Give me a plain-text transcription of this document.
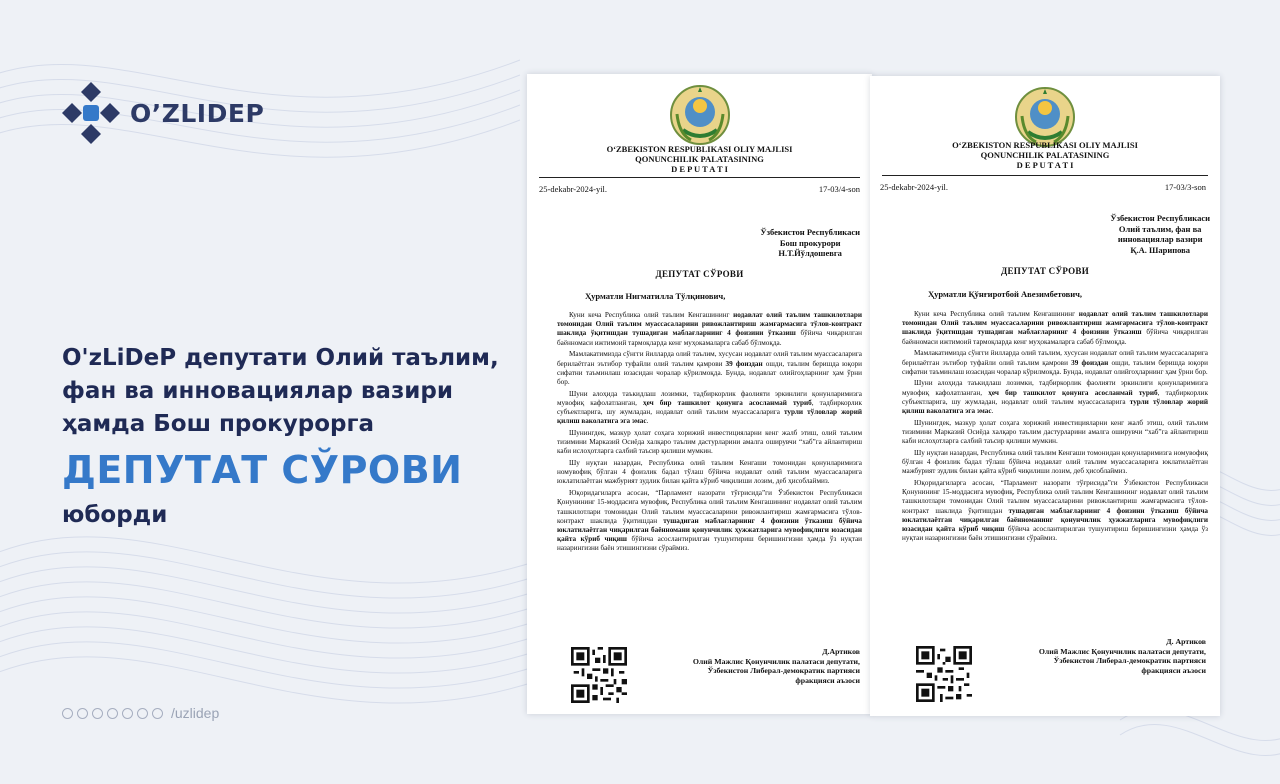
O’ZLIDEP
O'zLiDeP депутати Олий таълим,
фан ва инновациялар вазири
ҳамда Бош прокурорга
ДЕПУТАТ СЎРОВИ
юборди
/uzlidep
O‘ZBEKISTON RESPUBLIKASI OLIY MAJLISI
QONUNCHILIK PALATASINING
D E P U T A T I
25-dekabr-2024-yil.	17-03/4-son
Ўзбекистон Республикаси
Бош прокурори
Н.Т.Йўлдошевга
ДЕПУТАТ СЎРОВИ
Ҳурматли Нигматилла Тўлқинович,

Куни кеча Республика олий таълим Кенгашининг нодавлат олий таълим ташкилотлари томонидан Олий таълим муассасаларини ривожлантириш жамғармасига тўлов-контракт шаклида ўқитишдан тушадиган маблағларнинг 4 фоизини ўтказиш бўйича чиқарилган баённомаси ижтимоий тармоқларда кенг муҳокамаларга сабаб бўлмоқда.

Мамлакатимизда сўнгги йилларда олий таълим, хусусан нодавлат олий таълим муассасаларига берилаётган эътибор туфайли олий таълим қамрови 39 фоиздан ошди, таълим беришда юқори сифатни таъминлаш юзасидан чоралар кўрилмоқда. Бунда, нодавлат олийгоҳларнинг ҳам ўрни бор.

Шуни алоҳида таъкидлаш лозимки, тадбиркорлик фаолияти эркинлиги қонунларимизга мувофиқ кафолатланган, ҳеч бир ташкилот қонунга асосланмай туриб, тадбиркорлик субъектларига, шу жумладан, нодавлат олий таълим муассасаларига турли тўловлар жорий қилиш ваколатига эга эмас.

Шунингдек, мазкур ҳолат соҳага хорижий инвестицияларни кенг жалб этиш, олий таълим тизимини Марказий Осиёда халқаро таълим дастурларини амалга оширувчи “хаб”га айлантириш каби ислоҳотларга салбий таъсир қилиши мумкин.

Шу нуқтаи назардан, Республика олий таълим Кенгаши томонидан қонунларимизга номувофиқ бўлган 4 фоизлик бадал тўлаш бўйича нодавлат олий таълим муассасаларига юклатилаётган мажбурият зудлик билан қайта кўриб чиқилиши лозим, деб ҳисоблаймиз.

Юқоридагиларга асосан, “Парламент назорати тўғрисида”ги Ўзбекистон Республикаси Қонунининг 15-моддасига мувофиқ, Республика олий таълим Кенгашининг нодавлат олий таълим ташкилотлари томонидан Олий таълим муассасаларини ривожлантириш жамғармасига тўлов-контракт шаклида ўқитишдан тушадиган маблағларнинг 4 фоизини ўтказиш бўйича юклатилаётган чиқарилган баённомани қонунчилик ҳужжатларига мувофиқлиги юзасидан қайта кўриб чиқиш бўйича асослантирилган тушунтириш беришингизни ҳамда ўз нуқтаи назарингизни баён этишингизни сўраймиз.

Д.Артиков
Олий Мажлис Қонунчилик палатаси депутати,
Ўзбекистон Либерал-демократик партияси
фракцияси аъзоси
O‘ZBEKISTON RESPUBLIKASI OLIY MAJLISI
QONUNCHILIK PALATASINING
D E P U T A T I
25-dekabr-2024-yil.	17-03/3-son
Ўзбекистон Республикаси
Олий таълим, фан ва
инновациялар вазири
Қ.А. Шарипова
ДЕПУТАТ СЎРОВИ
Ҳурматли Қўнғиротбой Авезимбетович,

Куни кеча Республика олий таълим Кенгашининг нодавлат олий таълим ташкилотлари томонидан Олий таълим муассасаларини ривожлантириш жамғармасига тўлов-контракт шаклида ўқитишдан тушадиган маблағларнинг 4 фоизини ўтказиш бўйича чиқарилган баённомаси ижтимоий тармоқларда кенг муҳокамаларга сабаб бўлмоқда.

Мамлакатимизда сўнгги йилларда олий таълим, хусусан нодавлат олий таълим муассасаларига берилаётган эътибор туфайли олий таълим қамрови 39 фоиздан ошди, таълим беришда юқори сифатни таъминлаш юзасидан чоралар кўрилмоқда. Бунда, нодавлат олийгоҳларнинг ҳам ўрни бор.

Шуни алоҳида таъкидлаш лозимки, тадбиркорлик фаолияти эркинлиги қонунларимизга мувофиқ кафолатланган, ҳеч бир ташкилот қонунга асосланмай туриб, тадбиркорлик субъектларига, шу жумладан, нодавлат олий таълим муассасаларига турли тўловлар жорий қилиш ваколатига эга эмас.

Шунингдек, мазкур ҳолат соҳага хорижий инвестицияларни кенг жалб этиш, олий таълим тизимини Марказий Осиёда халқаро таълим дастурларини амалга оширувчи “хаб”га айлантириш каби ислоҳотларга салбий таъсир қилиши мумкин.

Шу нуқтаи назардан, Республика олий таълим Кенгаши томонидан қонунларимизга номувофиқ бўлган 4 фоизлик бадал тўлаш бўйича нодавлат олий таълим муассасаларига юклатилаётган мажбурият зудлик билан қайта кўриб чиқилиши лозим, деб ҳисоблаймиз.

Юқоридагиларга асосан, “Парламент назорати тўғрисида”ги Ўзбекистон Республикаси Қонунининг 15-моддасига мувофиқ, Республика олий таълим Кенгашининг нодавлат олий таълим ташкилотлари томонидан Олий таълим муассасаларини ривожлантириш жамғармасига тўлов-контракт шаклида ўқитишдан тушадиган маблағларнинг 4 фоизини ўтказиш бўйича юклатилаётган чиқарилган баённоманинг қонунчилик ҳужжатларига мувофиқлиги юзасидан қайта кўриб чиқиш бўйича асослантирилган тушунтириш беришингизни ҳамда ўз нуқтаи назарингизни баён этишингизни сўраймиз.

Д. Артиков
Олий Мажлис Қонунчилик палатаси депутати,
Ўзбекистон Либерал-демократик партияси
фракцияси аъзоси
